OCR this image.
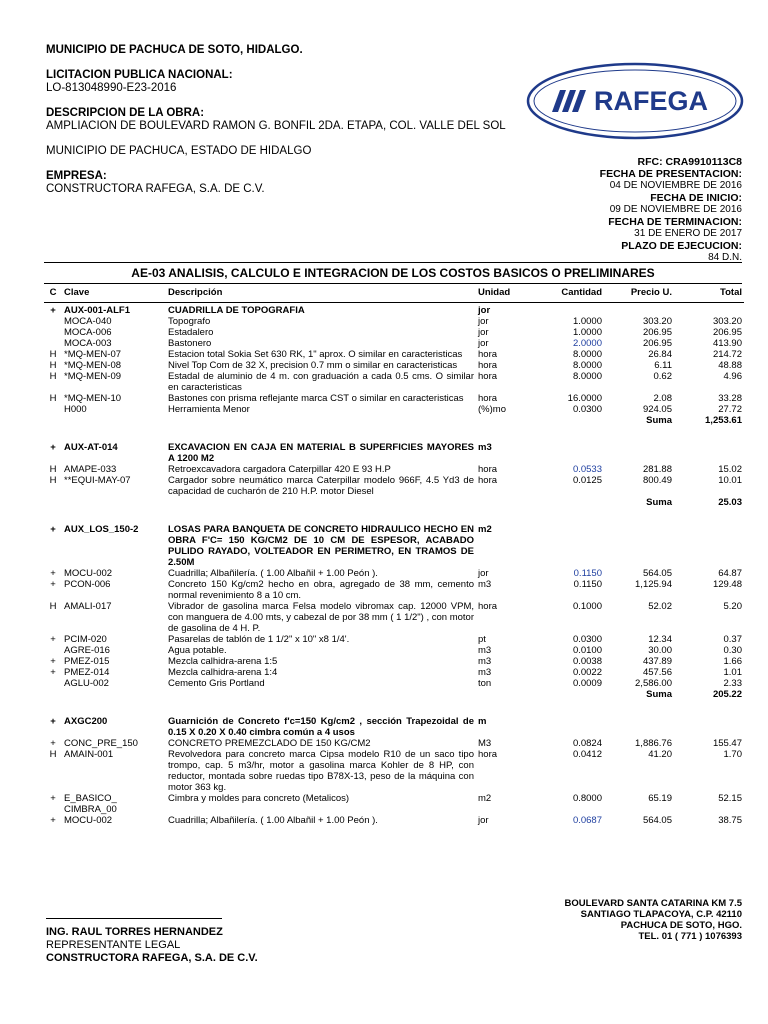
MUNICIPIO DE PACHUCA DE SOTO, HIDALGO.
LICITACION PUBLICA NACIONAL:
LO-813048990-E23-2016
DESCRIPCION DE LA OBRA:
AMPLIACION DE BOULEVARD RAMON G. BONFIL 2DA. ETAPA, COL. VALLE DEL SOL
MUNICIPIO DE PACHUCA, ESTADO DE HIDALGO
EMPRESA:
CONSTRUCTORA RAFEGA, S.A. DE C.V.
RAFEGA
RFC: CRA9910113C8
FECHA DE PRESENTACION:
04 DE NOVIEMBRE DE 2016
FECHA DE INICIO:
09 DE NOVIEMBRE DE 2016
FECHA DE TERMINACION:
31 DE ENERO DE 2017
PLAZO DE EJECUCION:
84 D.N.
AE-03 ANALISIS, CALCULO E INTEGRACION DE LOS COSTOS BASICOS O PRELIMINARES
C	Clave	Descripción	Unidad	Cantidad	Precio U.	Total
+	AUX-001-ALF1	CUADRILLA DE TOPOGRAFIA	jor			
	MOCA-040	Topografo	jor	1.0000	303.20	303.20
	MOCA-006	Estadalero	jor	1.0000	206.95	206.95
	MOCA-003	Bastonero	jor	2.0000	206.95	413.90
H	*MQ-MEN-07	Estacion total Sokia Set 630 RK, 1" aprox. O similar en caracteristicas	hora	8.0000	26.84	214.72
H	*MQ-MEN-08	Nivel Top Com de 32 X, precision 0.7 mm o similar en caracteristicas	hora	8.0000	6.11	48.88
H	*MQ-MEN-09	Estadal de aluminio de 4 m. con graduación a cada 0.5 cms. O similar en caracteristicas	hora	8.0000	0.62	4.96
H	*MQ-MEN-10	Bastones con prisma reflejante marca CST o similar en caracteristicas	hora	16.0000	2.08	33.28
	H000	Herramienta Menor	(%)mo	0.0300	924.05	27.72
					Suma	1,253.61

+	AUX-AT-014	EXCAVACION EN CAJA EN MATERIAL B SUPERFICIES MAYORES A 1200 M2	m3			
H	AMAPE-033	Retroexcavadora cargadora Caterpillar 420 E 93 H.P	hora	0.0533	281.88	15.02
H	**EQUI-MAY-07	Cargador sobre neumático marca Caterpillar modelo 966F, 4.5 Yd3 de capacidad de cucharón de 210 H.P. motor Diesel	hora	0.0125	800.49	10.01
					Suma	25.03

+	AUX_LOS_150-2	LOSAS PARA BANQUETA DE CONCRETO HIDRAULICO HECHO EN OBRA F'C= 150 KG/CM2 DE 10 CM DE ESPESOR, ACABADO PULIDO RAYADO, VOLTEADOR EN PERIMETRO, EN TRAMOS DE 2.50M	m2			
+	MOCU-002	Cuadrilla; Albañilería. ( 1.00 Albañil + 1.00 Peón ).	jor	0.1150	564.05	64.87
+	PCON-006	Concreto 150 Kg/cm2 hecho en obra, agregado de 38 mm, cemento normal revenimiento 8 a 10 cm.	m3	0.1150	1,125.94	129.48
H	AMALI-017	Vibrador de gasolina marca Felsa modelo vibromax cap. 12000 VPM, con manguera de 4.00 mts, y cabezal de por 38 mm ( 1 1/2") , con motor de gasolina de 4 H. P.	hora	0.1000	52.02	5.20
+	PCIM-020	Pasarelas de tablón de 1 1/2" x 10" x8 1/4'.	pt	0.0300	12.34	0.37
	AGRE-016	Agua potable.	m3	0.0100	30.00	0.30
+	PMEZ-015	Mezcla calhidra-arena 1:5	m3	0.0038	437.89	1.66
+	PMEZ-014	Mezcla calhidra-arena 1:4	m3	0.0022	457.56	1.01
	AGLU-002	Cemento Gris Portland	ton	0.0009	2,586.00	2.33
					Suma	205.22

+	AXGC200	Guarnición de Concreto f'c=150 Kg/cm2 , sección Trapezoidal de 0.15 X 0.20 X 0.40 cimbra común a 4 usos	m			
+	CONC_PRE_150	CONCRETO PREMEZCLADO DE 150 KG/CM2	M3	0.0824	1,886.76	155.47
H	AMAIN-001	Revolvedora para concreto marca Cipsa modelo R10 de un saco tipo trompo, cap. 5 m3/hr, motor a gasolina marca Kohler de 8 HP, con reductor, montada sobre ruedas tipo B78X-13, peso de la máquina con motor 363 kg.	hora	0.0412	41.20	1.70
+	E_BASICO_ CIMBRA_00	Cimbra y moldes para concreto (Metalicos)	m2	0.8000	65.19	52.15
+	MOCU-002	Cuadrilla; Albañilería. ( 1.00 Albañil + 1.00 Peón ).	jor	0.0687	564.05	38.75
BOULEVARD SANTA CATARINA KM 7.5
SANTIAGO TLAPACOYA, C.P. 42110
PACHUCA DE SOTO, HGO.
TEL. 01 ( 771 ) 1076393
ING. RAUL TORRES HERNANDEZ
REPRESENTANTE LEGAL
CONSTRUCTORA RAFEGA, S.A. DE C.V.
